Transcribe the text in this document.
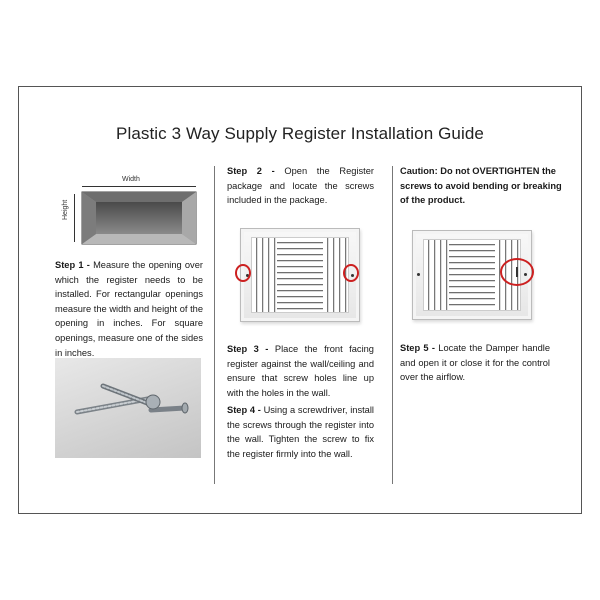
Plastic 3 Way Supply Register Installation Guide
Width
Height

Step 1 - Measure the opening over which the register needs to be installed. For rectangular openings measure the width and height of the opening in inches. For square openings, measure one of the sides in inches.

Step 2 - Open the Register package and locate the screws included in the package.

Step 3 - Place the front facing register against the wall/ceiling and ensure that screw holes line up with the holes in the wall.

Step 4 - Using a screwdriver, install the screws through the register into the wall. Tighten the screw to fix the register firmly into the wall.

Caution: Do not OVERTIGHTEN the screws to avoid bending or breaking of the product.

Step 5 - Locate the Damper handle and open it or close it for the control over the airflow.
